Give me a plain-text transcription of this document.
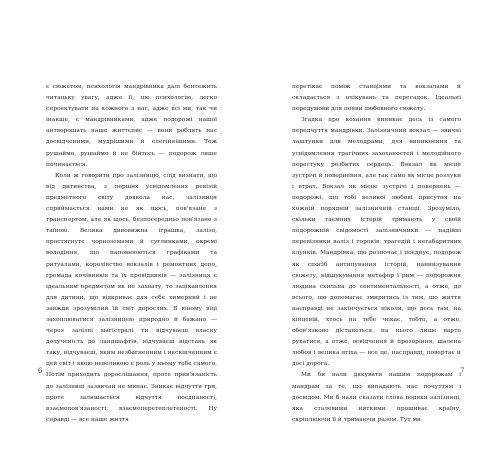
є сюжетом, психологія мандрівника далі бентежить читацьку увагу, адже її, цю психологію, легко спроектувати на кожного з нас, адже всі ми, так чи інакше, є мандрівниками, адже подорожі нашої антворошать наше життєпис — вони роблять нас досвідченими, мудрішими й елегійнішими. Тож рушаймо, рушаймо й не бійтесь — подорож лише починається.

Коли ж говорити про залізницю, слід визнати, що від дитинства, з перших усвідомлених ревізій предметного світу довкола нас, залізниця сприймається нами не як щось, пов'язане з транспортом, але як щось, безпосередньо пов'язане з таїною. Велика дивовижна іграшка, залізо, простягнуте чорноземами й суглинками, окремі володіння, що наповнюються графіками та ритуалами, королівство вокзалів і ремонтних депо, громада кочівників та їх провідників — залізниця є ідеальним предметом як не захвату, то зацікавлення для дитини, що відкриває для себе химерний і не завжди зрозумілий їй світ дорослих. В юному віці захоплюватися залізницею природно й бажано — через залізні магістралі ти відчуваєш власну долученість до ландшафтів, відчуваєш відстань як таку, відчуваєш, яким незбагненним і нескінченним є цей світ і якою невеликою є роль у ньому тебе самого. Потім приходить дорослішання, проте прив'язаність до залізниці зазвичай не минає. Зникає відчуття гри, проте залишається відчуття поєднаності, взаємопов'язаності, взаємоперетеплетеності. Ну справді — все наше життя

6

перетікає поміж станціями та вокзалами й складається з очікувань та пересадок. Ідеальні передумови для появи любовного сюжету.

Згадка про кохання виникає десь із самого передчуття мандрівки. Залізничний вокзал — звичні лаштунки для мелодрами, для виникнення та усвідомлення трагічних захоханостей і мелодійного перестуку розбитих сердець. Вокзал як місце зустрічі й повернення, але так само як місце розлуки і втрат. Вокзал як місце зустрічі і повернень — подорожі, що тобі великої любові присутня на кожній порядній залізничній станції. Зрозуміло, скільки таємних історій тримають у своїй подорожній свідомості залізничники — надійні перевізники валіз і тороків, трагедій і негабаритних клунків. Мандрівка, що розпочає і поєднує, подорож як спосіб антипування історій, наниизування сюжету, відшукування метафор і рим — подорожня людина схильна до сентиментальності, а отже, до всього, що допомагає змиритись із тим, що життя насправді не закінчується ніколи, що десь там, на кінцевій, хтось на тебе чекає, тобто, а отже, обов'язково дістанеться, на нього лише варто рухатися, а отже, освідчення й прозоріння, шалена любов і велика втіха — все це, насправді, повертає й досі дорога.

Ми би нали дякувати нашим подорожам і мандрам за те, що випадають нас почуттям і досвідом. Ми б нали сказати слова подяки залізниці, яка сталевими ниткими прошиває країну, скріплюючи її й тримаючи разом. Тут ми

7
